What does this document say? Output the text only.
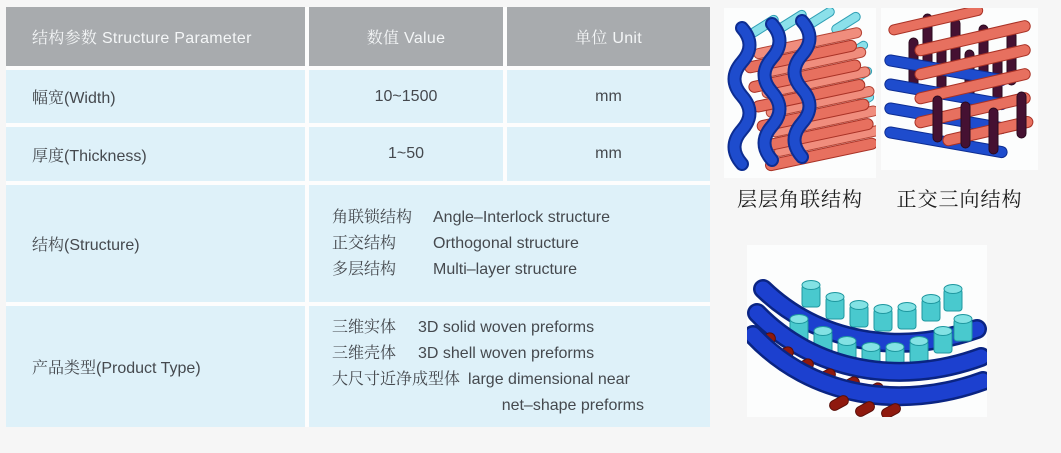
结构参数 Structure Parameter	数值 Value	单位 Unit
幅宽(Width)	10~1500	mm
厚度(Thickness)	1~50	mm
结构(Structure)
角联锁结构	Angle–Interlock structure
正交结构	Orthogonal structure
多层结构	Multi–layer structure
产品类型(Product Type)
三维实体	3D solid woven preforms
三维壳体	3D shell woven preforms
大尺寸近净成型体 large dimensional near
net–shape preforms
层层角联结构	正交三向结构
